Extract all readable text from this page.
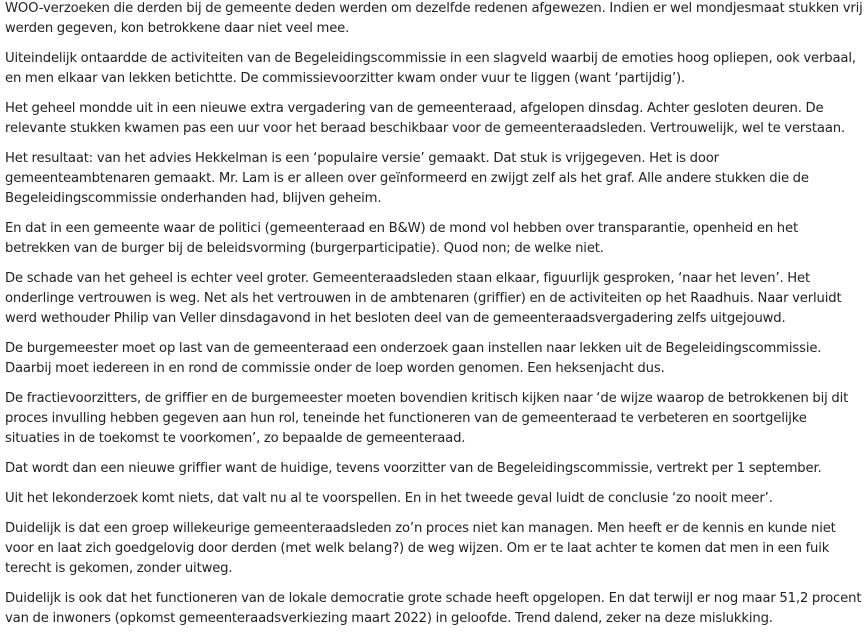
WOO-verzoeken die derden bij de gemeente deden werden om dezelfde redenen afgewezen. Indien er wel mondjesmaat stukken vrij werden gegeven, kon betrokkene daar niet veel mee.

Uiteindelijk ontaardde de activiteiten van de Begeleidingscommissie in een slagveld waarbij de emoties hoog opliepen, ook verbaal, en men elkaar van lekken betichtte. De commissievoorzitter kwam onder vuur te liggen (want ‘partijdig’).

Het geheel mondde uit in een nieuwe extra vergadering van de gemeenteraad, afgelopen dinsdag. Achter gesloten deuren. De relevante stukken kwamen pas een uur voor het beraad beschikbaar voor de gemeenteraadsleden. Vertrouwelijk, wel te verstaan.

Het resultaat: van het advies Hekkelman is een ‘populaire versie’ gemaakt. Dat stuk is vrijgegeven. Het is door gemeenteambtenaren gemaakt. Mr. Lam is er alleen over geïnformeerd en zwijgt zelf als het graf. Alle andere stukken die de Begeleidingscommissie onderhanden had, blijven geheim.

En dat in een gemeente waar de politici (gemeenteraad en B&W) de mond vol hebben over transparantie, openheid en het betrekken van de burger bij de beleidsvorming (burgerparticipatie). Quod non; de welke niet.

De schade van het geheel is echter veel groter. Gemeenteraadsleden staan elkaar, figuurlijk gesproken, ‘naar het leven’. Het onderlinge vertrouwen is weg. Net als het vertrouwen in de ambtenaren (griffier) en de activiteiten op het Raadhuis. Naar verluidt werd wethouder Philip van Veller dinsdagavond in het besloten deel van de gemeenteraadsvergadering zelfs uitgejouwd.

De burgemeester moet op last van de gemeenteraad een onderzoek gaan instellen naar lekken uit de Begeleidingscommissie. Daarbij moet iedereen in en rond de commissie onder de loep worden genomen. Een heksenjacht dus.

De fractievoorzitters, de griffier en de burgemeester moeten bovendien kritisch kijken naar ‘de wijze waarop de betrokkenen bij dit proces invulling hebben gegeven aan hun rol, teneinde het functioneren van de gemeenteraad te verbeteren en soortgelijke situaties in de toekomst te voorkomen’, zo bepaalde de gemeenteraad.

Dat wordt dan een nieuwe griffier want de huidige, tevens voorzitter van de Begeleidingscommissie, vertrekt per 1 september.

Uit het lekonderzoek komt niets, dat valt nu al te voorspellen. En in het tweede geval luidt de conclusie ‘zo nooit meer’.

Duidelijk is dat een groep willekeurige gemeenteraadsleden zo’n proces niet kan managen. Men heeft er de kennis en kunde niet voor en laat zich goedgelovig door derden (met welk belang?) de weg wijzen. Om er te laat achter te komen dat men in een fuik terecht is gekomen, zonder uitweg.

Duidelijk is ook dat het functioneren van de lokale democratie grote schade heeft opgelopen. En dat terwijl er nog maar 51,2 procent van de inwoners (opkomst gemeenteraadsverkiezing maart 2022) in geloofde. Trend dalend, zeker na deze mislukking.
